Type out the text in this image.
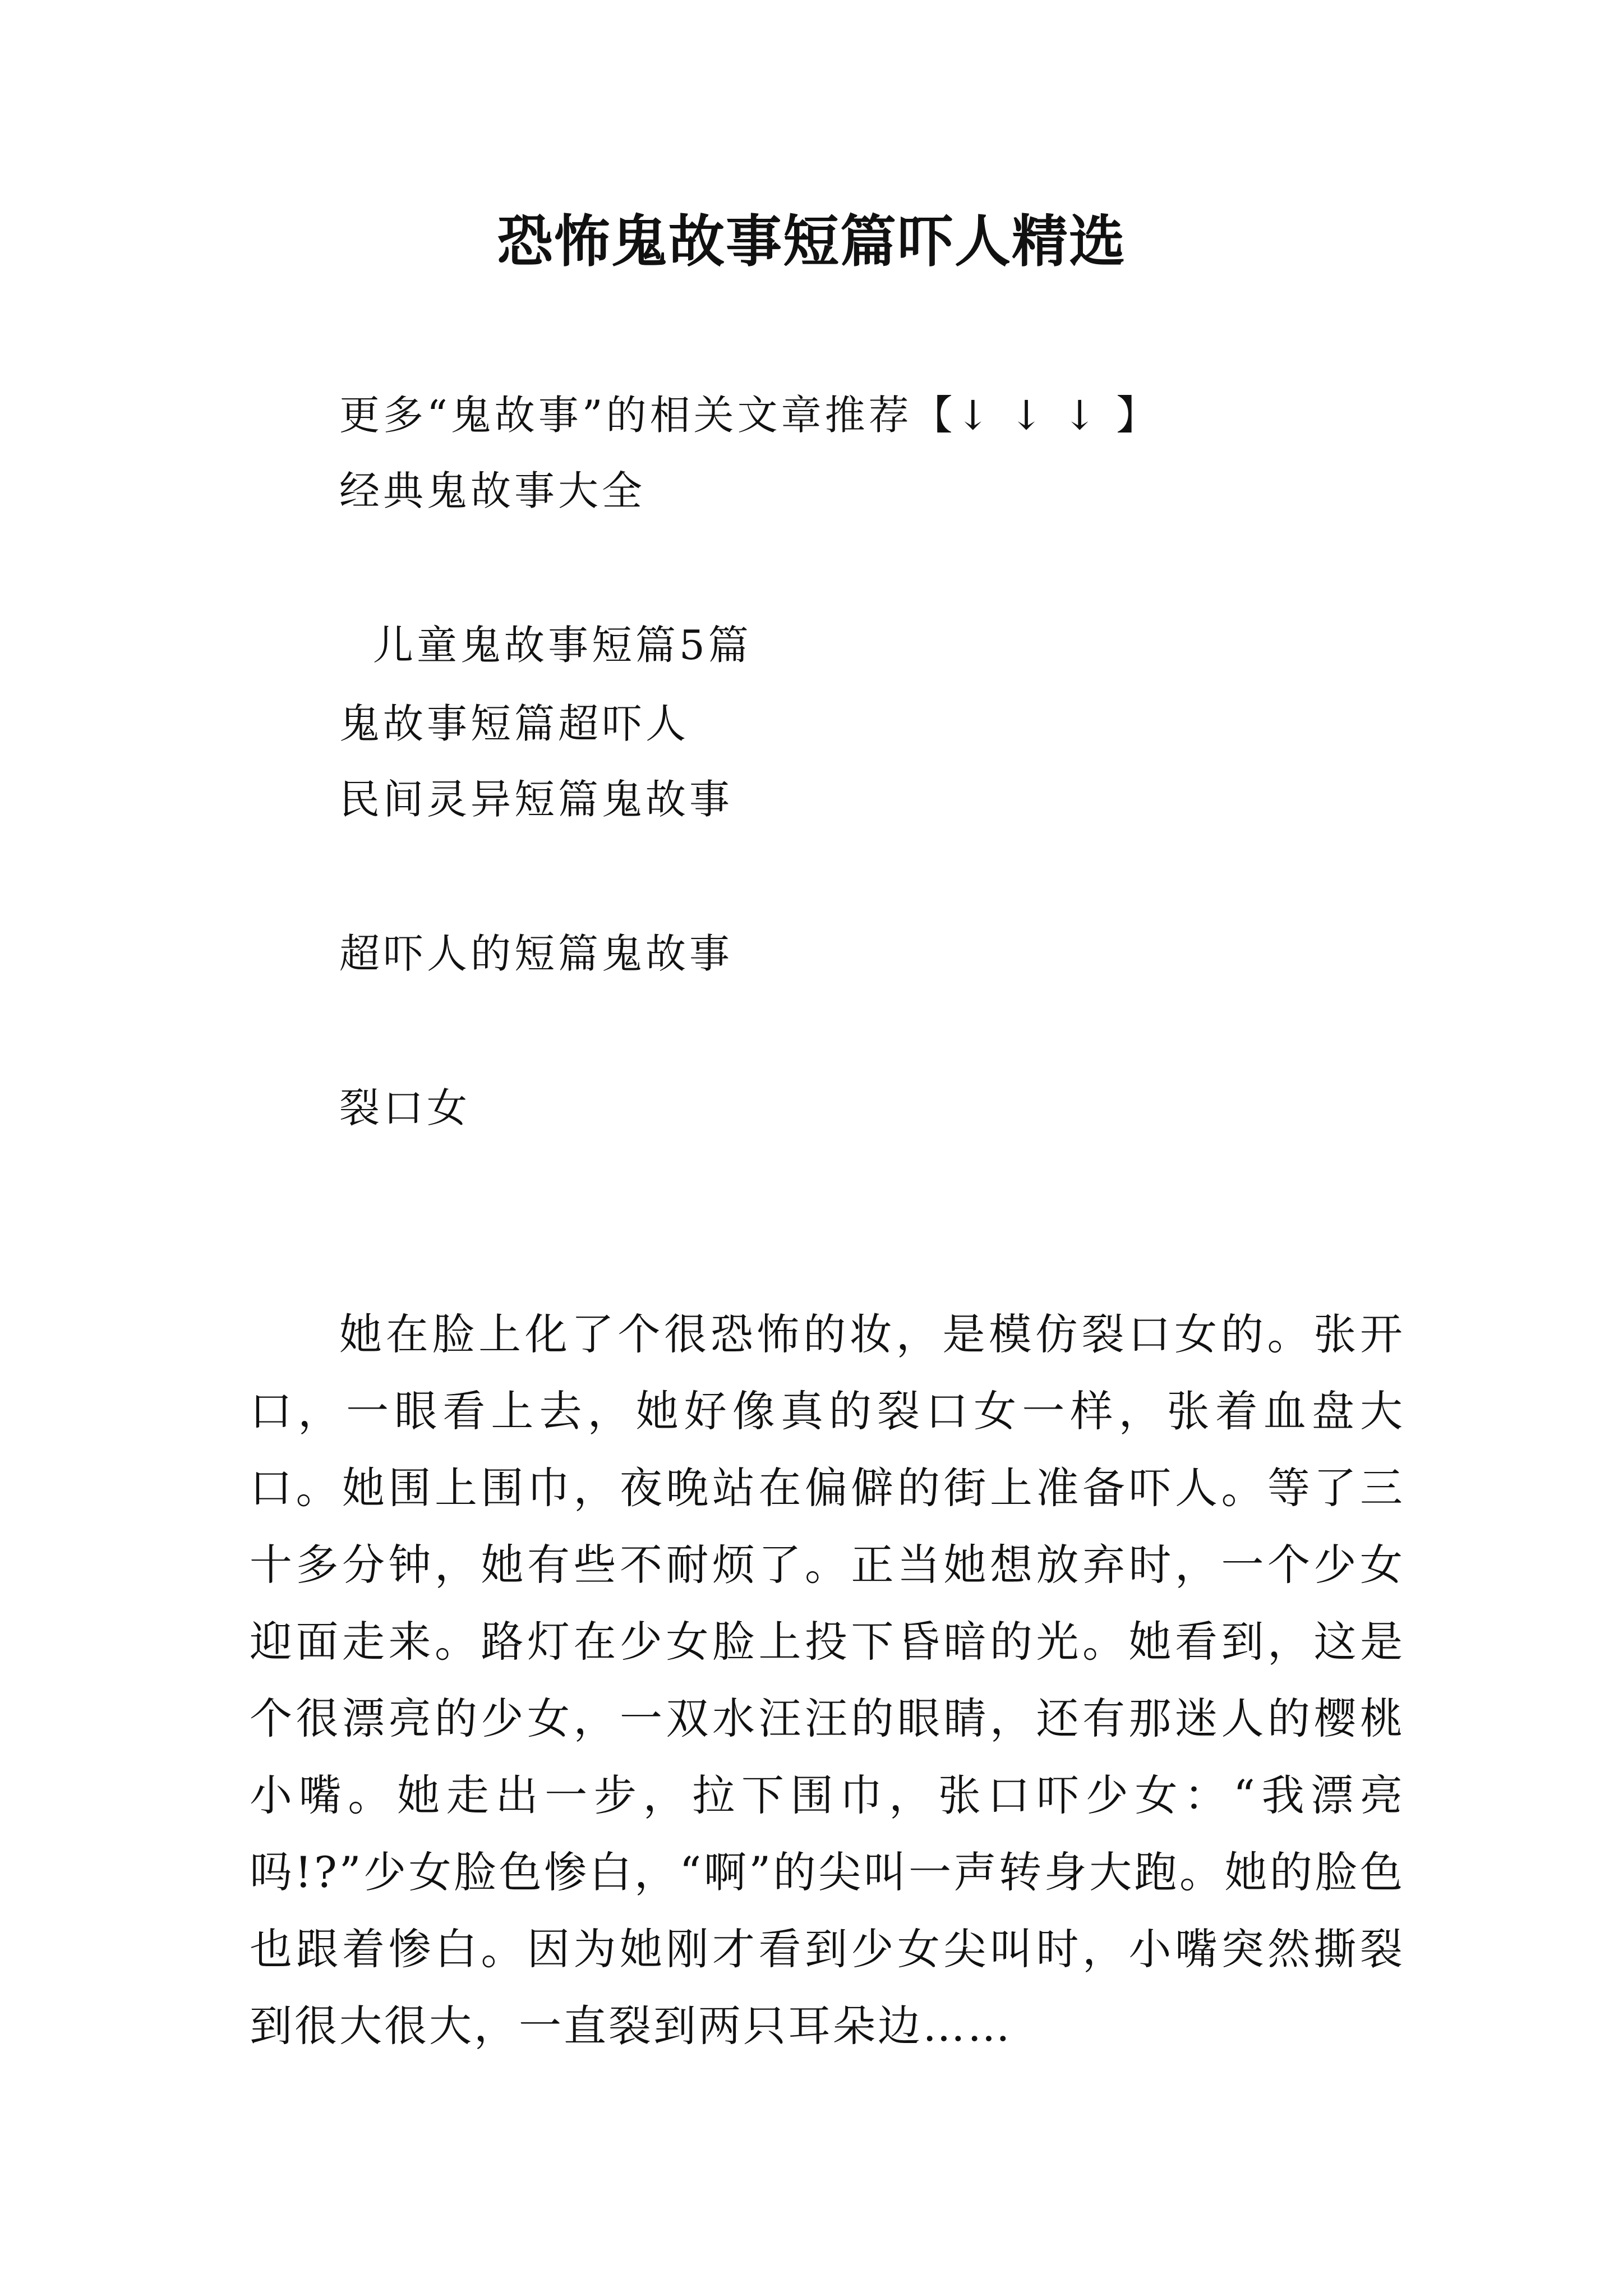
恐怖鬼故事短篇吓人精选
更多“鬼故事”的相关文章推荐【↓ ↓ ↓ 】
经典鬼故事大全
儿童鬼故事短篇5篇
鬼故事短篇超吓人
民间灵异短篇鬼故事
超吓人的短篇鬼故事
裂口女
她在脸上化了个很恐怖的妆，是模仿裂口女的。张开口，一眼看上去，她好像真的裂口女一样，张着血盘大口。她围上围巾，夜晚站在偏僻的街上准备吓人。等了三十多分钟，她有些不耐烦了。正当她想放弃时，一个少女迎面走来。路灯在少女脸上投下昏暗的光。她看到，这是个很漂亮的少女，一双水汪汪的眼睛，还有那迷人的樱桃小嘴。她走出一步，拉下围巾，张口吓少女：“我漂亮吗!?”少女脸色惨白，“啊”的尖叫一声转身大跑。她的脸色也跟着惨白。因为她刚才看到少女尖叫时，小嘴突然撕裂到很大很大，一直裂到两只耳朵边……
